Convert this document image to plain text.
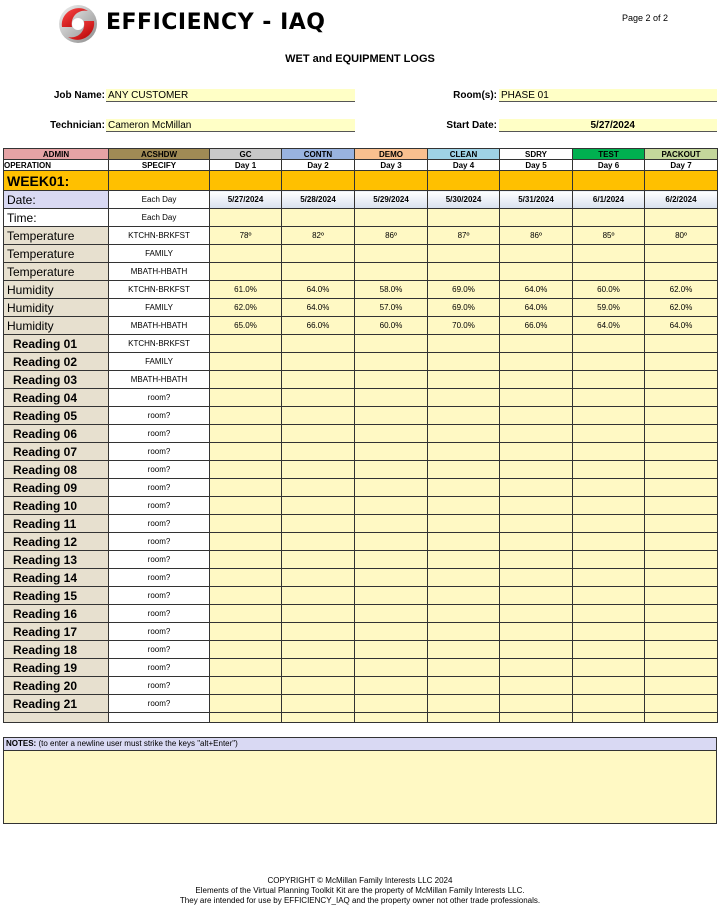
EFFICIENCY - IAQ	Page 2 of 2
WET and EQUIPMENT LOGS
Job Name: ANY CUSTOMER	Room(s): PHASE 01
Technician: Cameron McMillan	Start Date:	5/27/2024
ADMIN	ACSHDW	GC	CONTN	DEMO	CLEAN	SDRY	TEST	PACKOUT
OPERATION	SPECIFY	Day 1	Day 2	Day 3	Day 4	Day 5	Day 6	Day 7
WEEK01:								
Date:	Each Day	5/27/2024	5/28/2024	5/29/2024	5/30/2024	5/31/2024	6/1/2024	6/2/2024
Time:	Each Day							
Temperature	KTCHN-BRKFST	78º	82º	86º	87º	86º	85º	80º
Temperature	FAMILY							
Temperature	MBATH-HBATH							
Humidity	KTCHN-BRKFST	61.0%	64.0%	58.0%	69.0%	64.0%	60.0%	62.0%
Humidity	FAMILY	62.0%	64.0%	57.0%	69.0%	64.0%	59.0%	62.0%
Humidity	MBATH-HBATH	65.0%	66.0%	60.0%	70.0%	66.0%	64.0%	64.0%
Reading 01	KTCHN-BRKFST							
Reading 02	FAMILY							
Reading 03	MBATH-HBATH							
Reading 04	room?							
Reading 05	room?							
Reading 06	room?							
Reading 07	room?							
Reading 08	room?							
Reading 09	room?							
Reading 10	room?							
Reading 11	room?							
Reading 12	room?							
Reading 13	room?							
Reading 14	room?							
Reading 15	room?							
Reading 16	room?							
Reading 17	room?							
Reading 18	room?							
Reading 19	room?							
Reading 20	room?							
Reading 21	room?							

NOTES: (to enter a newline user must strike the keys "alt+Enter")
COPYRIGHT © McMillan Family Interests LLC 2024
Elements of the Virtual Planning Toolkit Kit are the property of McMillan Family Interests LLC.
They are intended for use by EFFICIENCY_IAQ and the property owner not other trade professionals.
